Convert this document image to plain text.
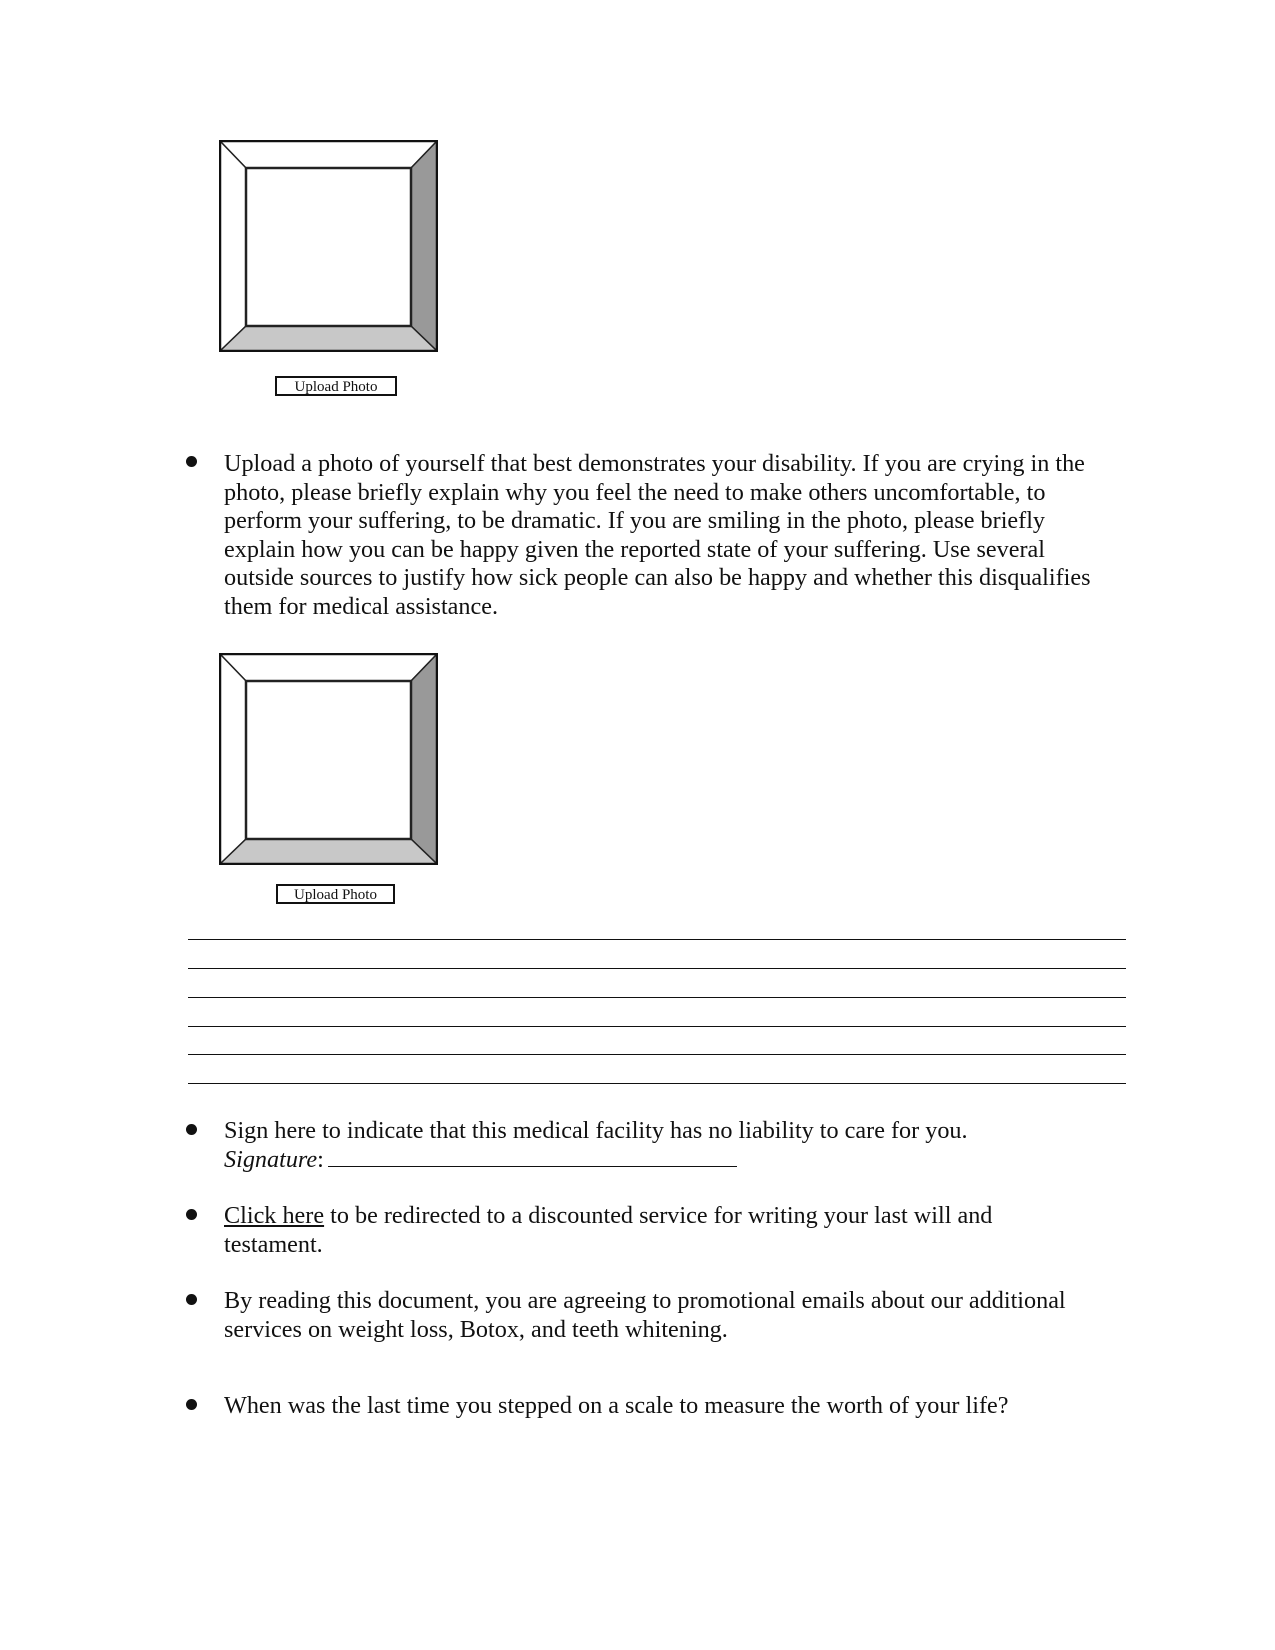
Upload Photo

Upload a photo of yourself that best demonstrates your disability. If you are crying in the

photo, please briefly explain why you feel the need to make others uncomfortable, to

perform your suffering, to be dramatic. If you are smiling in the photo, please briefly

explain how you can be happy given the reported state of your suffering. Use several

outside sources to justify how sick people can also be happy and whether this disqualifies

them for medical assistance.

Upload Photo

Sign here to indicate that this medical facility has no liability to care for you.

Signature:

Click here to be redirected to a discounted service for writing your last will and

testament.

By reading this document, you are agreeing to promotional emails about our additional

services on weight loss, Botox, and teeth whitening.

When was the last time you stepped on a scale to measure the worth of your life?
